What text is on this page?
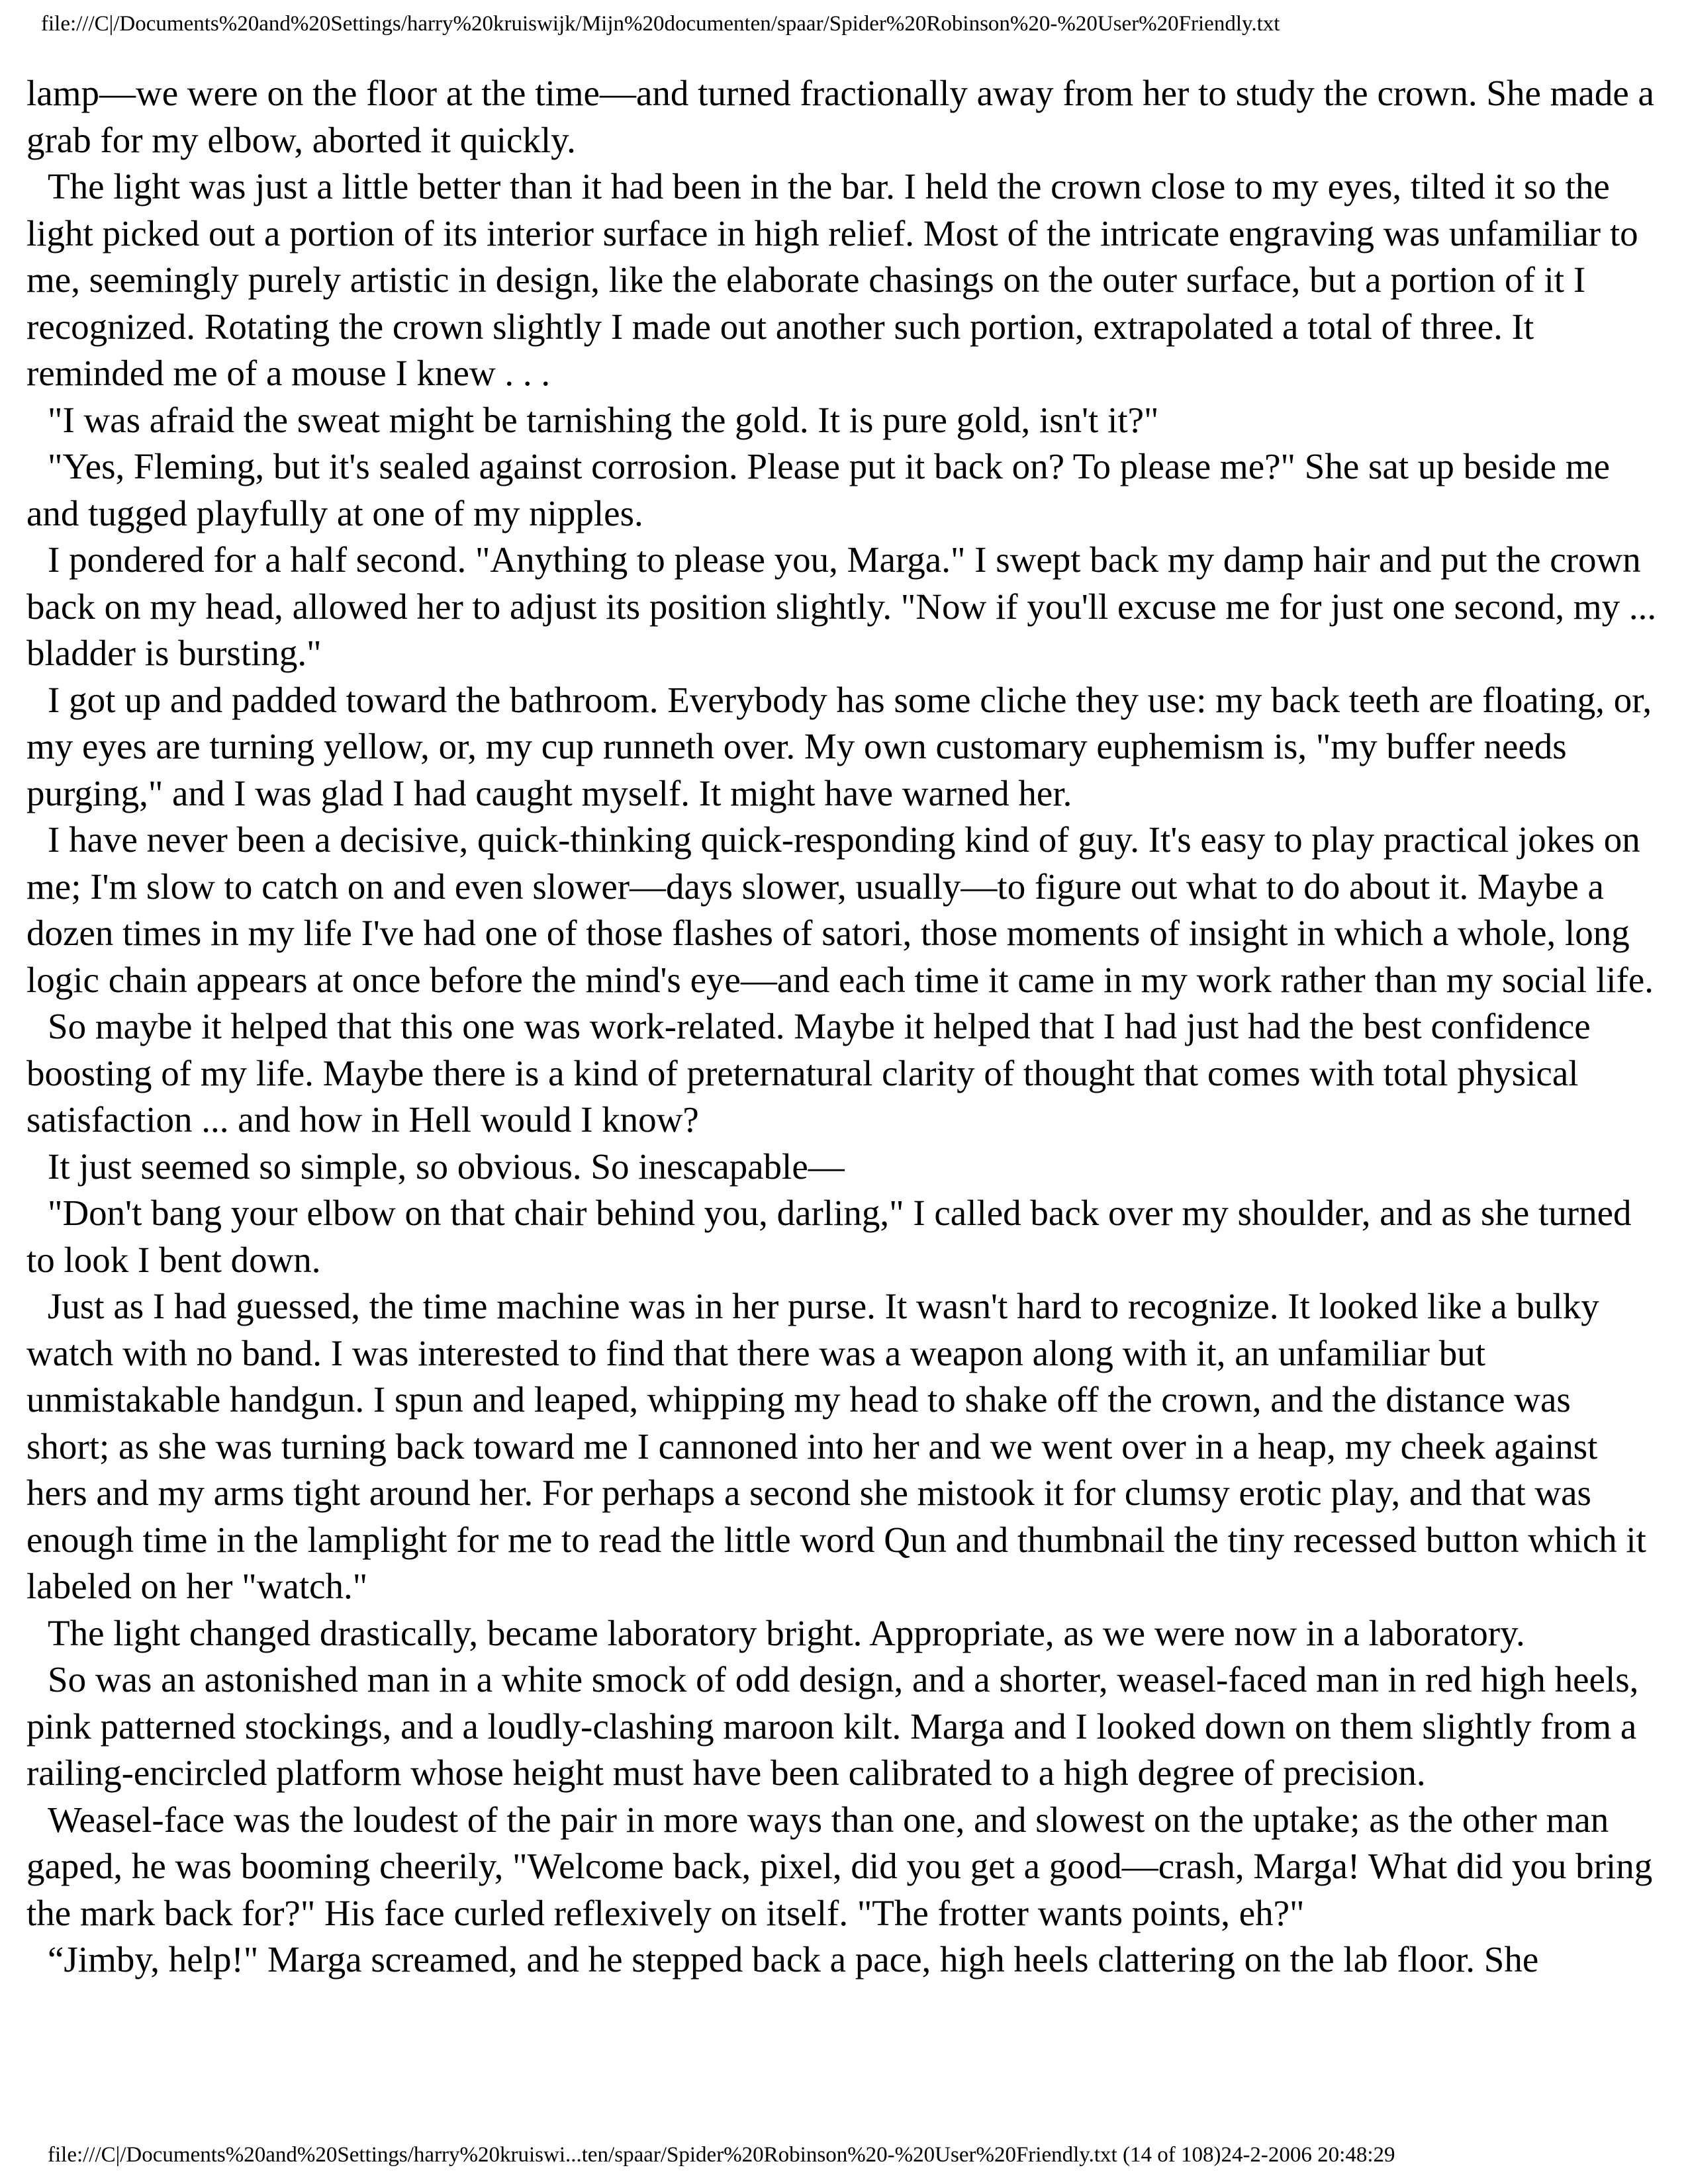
file:///C|/Documents%20and%20Settings/harry%20kruiswijk/Mijn%20documenten/spaar/Spider%20Robinson%20-%20User%20Friendly.txt

lamp—we were on the floor at the time—and turned fractionally away from her to study the crown. She made a grab for my elbow, aborted it quickly.

The light was just a little better than it had been in the bar. I held the crown close to my eyes, tilted it so the light picked out a portion of its interior surface in high relief. Most of the intricate engraving was unfamiliar to me, seemingly purely artistic in design, like the elaborate chasings on the outer surface, but a portion of it I recognized. Rotating the crown slightly I made out another such portion, extrapolated a total of three. It reminded me of a mouse I knew . . .

"I was afraid the sweat might be tarnishing the gold. It is pure gold, isn't it?"

"Yes, Fleming, but it's sealed against corrosion. Please put it back on? To please me?" She sat up beside me and tugged playfully at one of my nipples.

I pondered for a half second. "Anything to please you, Marga." I swept back my damp hair and put the crown back on my head, allowed her to adjust its position slightly. "Now if you'll excuse me for just one second, my ... bladder is bursting."

I got up and padded toward the bathroom. Everybody has some cliche they use: my back teeth are floating, or, my eyes are turning yellow, or, my cup runneth over. My own customary euphemism is, "my buffer needs purging," and I was glad I had caught myself. It might have warned her.

I have never been a decisive, quick-thinking quick-responding kind of guy. It's easy to play practical jokes on me; I'm slow to catch on and even slower—days slower, usually—to figure out what to do about it. Maybe a dozen times in my life I've had one of those flashes of satori, those moments of insight in which a whole, long logic chain appears at once before the mind's eye—and each time it came in my work rather than my social life.

So maybe it helped that this one was work-related. Maybe it helped that I had just had the best confidence boosting of my life. Maybe there is a kind of preternatural clarity of thought that comes with total physical satisfaction ... and how in Hell would I know?

It just seemed so simple, so obvious. So inescapable—

"Don't bang your elbow on that chair behind you, darling," I called back over my shoulder, and as she turned to look I bent down.

Just as I had guessed, the time machine was in her purse. It wasn't hard to recognize. It looked like a bulky watch with no band. I was interested to find that there was a weapon along with it, an unfamiliar but unmistakable handgun. I spun and leaped, whipping my head to shake off the crown, and the distance was short; as she was turning back toward me I cannoned into her and we went over in a heap, my cheek against hers and my arms tight around her. For perhaps a second she mistook it for clumsy erotic play, and that was enough time in the lamplight for me to read the little word Qun and thumbnail the tiny recessed button which it labeled on her "watch."

The light changed drastically, became laboratory bright. Appropriate, as we were now in a laboratory.

So was an astonished man in a white smock of odd design, and a shorter, weasel-faced man in red high heels, pink patterned stockings, and a loudly-clashing maroon kilt. Marga and I looked down on them slightly from a railing-encircled platform whose height must have been calibrated to a high degree of precision.

Weasel-face was the loudest of the pair in more ways than one, and slowest on the uptake; as the other man gaped, he was booming cheerily, "Welcome back, pixel, did you get a good—crash, Marga! What did you bring the mark back for?" His face curled reflexively on itself. "The frotter wants points, eh?"

“Jimby, help!" Marga screamed, and he stepped back a pace, high heels clattering on the lab floor. She

file:///C|/Documents%20and%20Settings/harry%20kruiswi...ten/spaar/Spider%20Robinson%20-%20User%20Friendly.txt (14 of 108)24-2-2006 20:48:29
